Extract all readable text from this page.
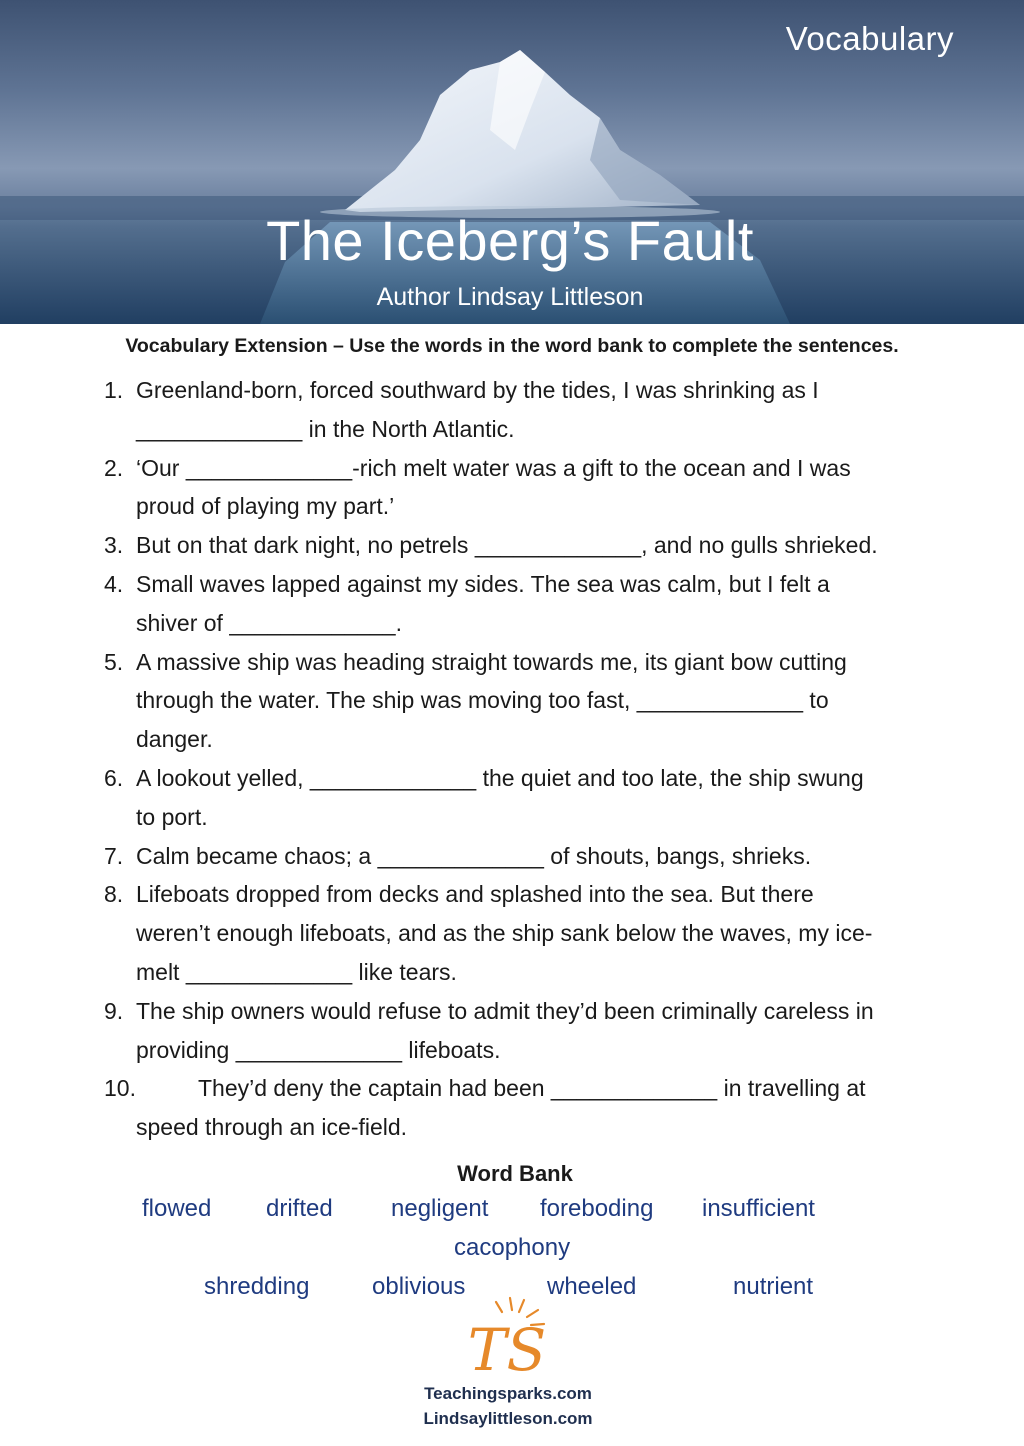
Vocabulary
The Iceberg’s Fault
Author Lindsay Littleson
Vocabulary Extension – Use the words in the word bank to complete the sentences.
1. Greenland-born, forced southward by the tides, I was shrinking as I
_____________ in the North Atlantic.
2. ‘Our _____________-rich melt water was a gift to the ocean and I was
proud of playing my part.’
3. But on that dark night, no petrels _____________, and no gulls shrieked.
4. Small waves lapped against my sides. The sea was calm, but I felt a
shiver of _____________.
5. A massive ship was heading straight towards me, its giant bow cutting
through the water. The ship was moving too fast, _____________ to
danger.
6. A lookout yelled, _____________ the quiet and too late, the ship swung
to port.
7. Calm became chaos; a _____________ of shouts, bangs, shrieks.
8. Lifeboats dropped from decks and splashed into the sea. But there
weren’t enough lifeboats, and as the ship sank below the waves, my ice-
melt _____________ like tears.
9. The ship owners would refuse to admit they’d been criminally careless in
providing _____________ lifeboats.
10.	They’d deny the captain had been _____________ in travelling at
speed through an ice-field.
Word Bank
flowed drifted negligent foreboding insufficient
cacophony
shredding	oblivious	wheeled	nutrient
TS
Teachingsparks.com
Lindsaylittleson.com
